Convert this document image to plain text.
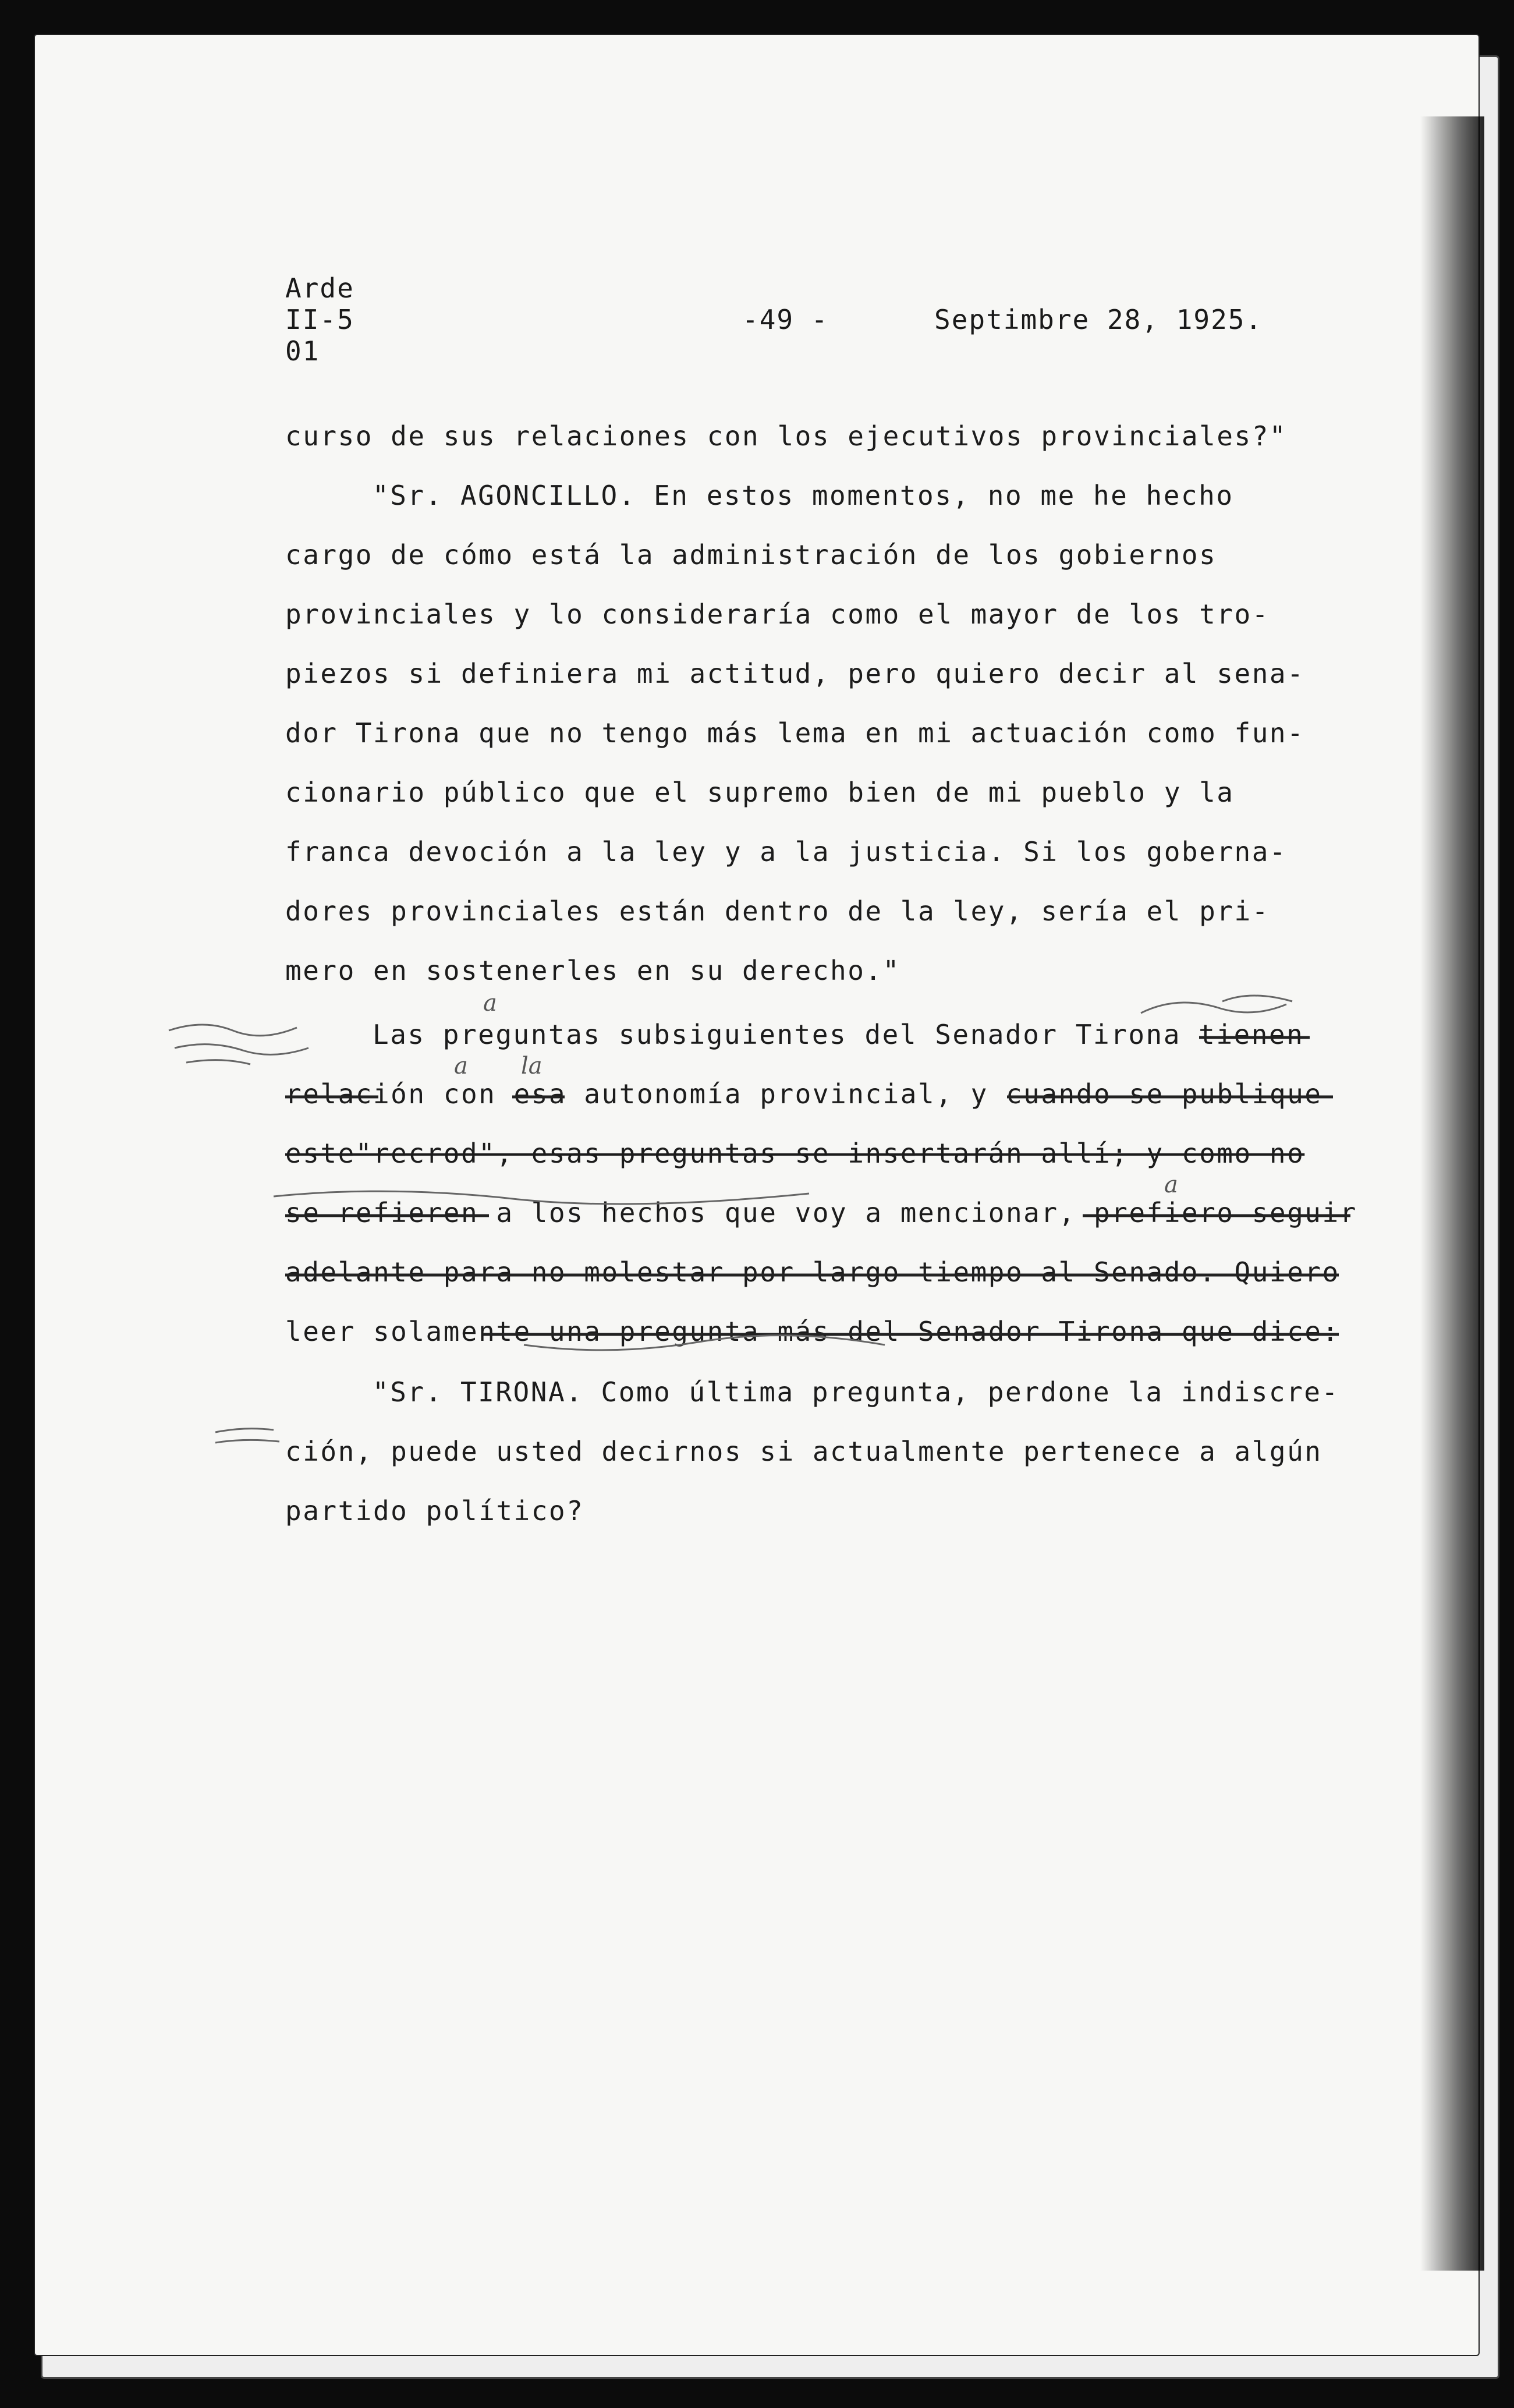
Arde
II-5
01
-49 -	Septimbre 28, 1925.
curso de sus relaciones con los ejecutivos provinciales?"
"Sr. AGONCILLO. En estos momentos, no me he hecho
cargo de cómo está la administración de los gobiernos
provinciales y lo consideraría como el mayor de los tro-
piezos si definiera mi actitud, pero quiero decir al sena-
dor Tirona que no tengo más lema en mi actuación como fun-
cionario público que el supremo bien de mi pueblo y la
franca devoción a la ley y a la justicia. Si los goberna-
dores provinciales están dentro de la ley, sería el pri-
mero en sostenerles en su derecho."
Las preguntas subsiguientes del Senador Tirona tienen
relación con esa autonomía provincial, y cuando se publique
este"recrod", esas preguntas se insertarán allí; y como no
se refieren a los hechos que voy a mencionar, prefiero seguir
adelante para no molestar por largo tiempo al Senado. Quiero
leer solamente una pregunta más del Senador Tirona que dice:
"Sr. TIRONA. Como última pregunta, perdone la indiscre-
ción, puede usted decirnos si actualmente pertenece a algún
partido político?
a
a la
a
